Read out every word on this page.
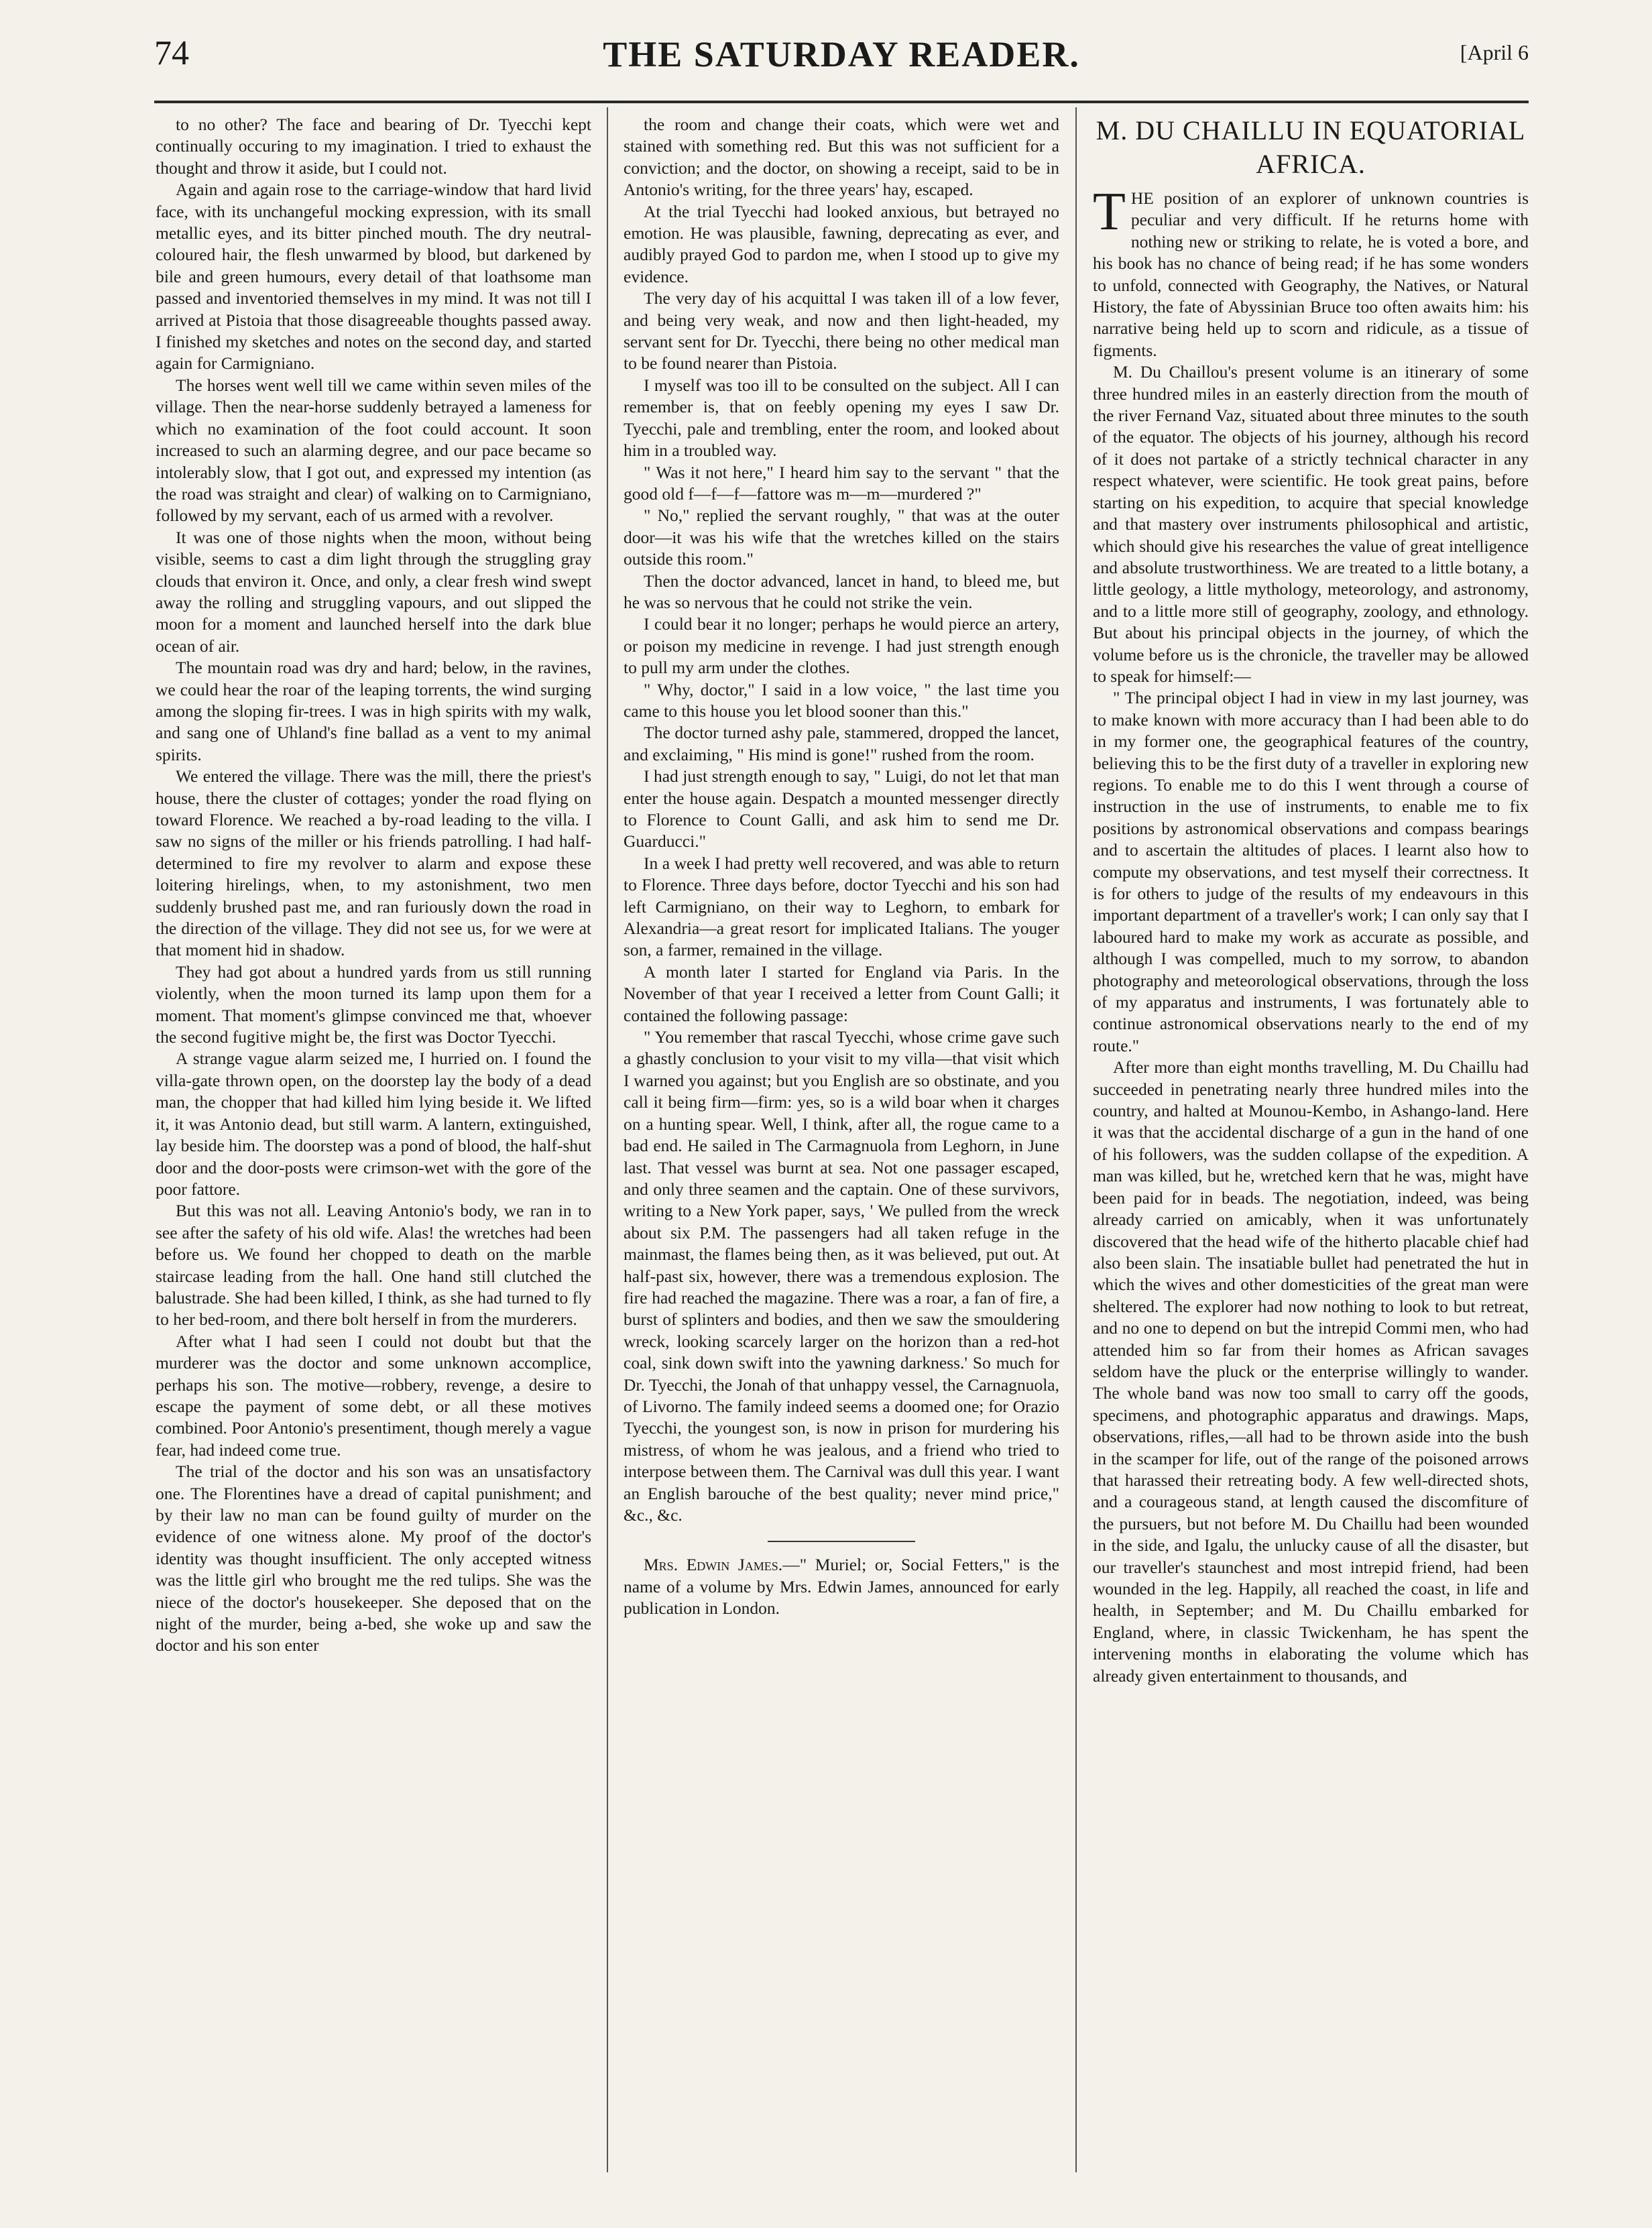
74	THE SATURDAY READER.	[April 6

to no other? The face and bearing of Dr. Tyecchi kept continually occuring to my imagination. I tried to exhaust the thought and throw it aside, but I could not.

Again and again rose to the carriage-window that hard livid face, with its unchangeful mocking expression, with its small metallic eyes, and its bitter pinched mouth. The dry neutral-coloured hair, the flesh unwarmed by blood, but darkened by bile and green humours, every detail of that loathsome man passed and inventoried themselves in my mind. It was not till I arrived at Pistoia that those disagreeable thoughts passed away. I finished my sketches and notes on the second day, and started again for Carmigniano.

The horses went well till we came within seven miles of the village. Then the near-horse suddenly betrayed a lameness for which no examination of the foot could account. It soon increased to such an alarming degree, and our pace became so intolerably slow, that I got out, and expressed my intention (as the road was straight and clear) of walking on to Carmigniano, followed by my servant, each of us armed with a revolver.

It was one of those nights when the moon, without being visible, seems to cast a dim light through the struggling gray clouds that environ it. Once, and only, a clear fresh wind swept away the rolling and struggling vapours, and out slipped the moon for a moment and launched herself into the dark blue ocean of air.

The mountain road was dry and hard; below, in the ravines, we could hear the roar of the leaping torrents, the wind surging among the sloping fir-trees. I was in high spirits with my walk, and sang one of Uhland's fine ballad as a vent to my animal spirits.

We entered the village. There was the mill, there the priest's house, there the cluster of cottages; yonder the road flying on toward Florence. We reached a by-road leading to the villa. I saw no signs of the miller or his friends patrolling. I had half-determined to fire my revolver to alarm and expose these loitering hirelings, when, to my astonishment, two men suddenly brushed past me, and ran furiously down the road in the direction of the village. They did not see us, for we were at that moment hid in shadow.

They had got about a hundred yards from us still running violently, when the moon turned its lamp upon them for a moment. That moment's glimpse convinced me that, whoever the second fugitive might be, the first was Doctor Tyecchi.

A strange vague alarm seized me, I hurried on. I found the villa-gate thrown open, on the doorstep lay the body of a dead man, the chopper that had killed him lying beside it. We lifted it, it was Antonio dead, but still warm. A lantern, extinguished, lay beside him. The doorstep was a pond of blood, the half-shut door and the door-posts were crimson-wet with the gore of the poor fattore.

But this was not all. Leaving Antonio's body, we ran in to see after the safety of his old wife. Alas! the wretches had been before us. We found her chopped to death on the marble staircase leading from the hall. One hand still clutched the balustrade. She had been killed, I think, as she had turned to fly to her bed-room, and there bolt herself in from the murderers.

After what I had seen I could not doubt but that the murderer was the doctor and some unknown accomplice, perhaps his son. The motive—robbery, revenge, a desire to escape the payment of some debt, or all these motives combined. Poor Antonio's presentiment, though merely a vague fear, had indeed come true.

The trial of the doctor and his son was an unsatisfactory one. The Florentines have a dread of capital punishment; and by their law no man can be found guilty of murder on the evidence of one witness alone. My proof of the doctor's identity was thought insufficient. The only accepted witness was the little girl who brought me the red tulips. She was the niece of the doctor's housekeeper. She deposed that on the night of the murder, being a-bed, she woke up and saw the doctor and his son enter

the room and change their coats, which were wet and stained with something red. But this was not sufficient for a conviction; and the doctor, on showing a receipt, said to be in Antonio's writing, for the three years' hay, escaped.

At the trial Tyecchi had looked anxious, but betrayed no emotion. He was plausible, fawning, deprecating as ever, and audibly prayed God to pardon me, when I stood up to give my evidence.

The very day of his acquittal I was taken ill of a low fever, and being very weak, and now and then light-headed, my servant sent for Dr. Tyecchi, there being no other medical man to be found nearer than Pistoia.

I myself was too ill to be consulted on the subject. All I can remember is, that on feebly opening my eyes I saw Dr. Tyecchi, pale and trembling, enter the room, and looked about him in a troubled way.

" Was it not here," I heard him say to the servant " that the good old f—f—f—fattore was m—m—murdered ?"

" No," replied the servant roughly, " that was at the outer door—it was his wife that the wretches killed on the stairs outside this room."

Then the doctor advanced, lancet in hand, to bleed me, but he was so nervous that he could not strike the vein.

I could bear it no longer; perhaps he would pierce an artery, or poison my medicine in revenge. I had just strength enough to pull my arm under the clothes.

" Why, doctor," I said in a low voice, " the last time you came to this house you let blood sooner than this."

The doctor turned ashy pale, stammered, dropped the lancet, and exclaiming, " His mind is gone!" rushed from the room.

I had just strength enough to say, " Luigi, do not let that man enter the house again. Despatch a mounted messenger directly to Florence to Count Galli, and ask him to send me Dr. Guarducci."

In a week I had pretty well recovered, and was able to return to Florence. Three days before, doctor Tyecchi and his son had left Carmigniano, on their way to Leghorn, to embark for Alexandria—a great resort for implicated Italians. The youger son, a farmer, remained in the village.

A month later I started for England via Paris. In the November of that year I received a letter from Count Galli; it contained the following passage:

" You remember that rascal Tyecchi, whose crime gave such a ghastly conclusion to your visit to my villa—that visit which I warned you against; but you English are so obstinate, and you call it being firm—firm: yes, so is a wild boar when it charges on a hunting spear. Well, I think, after all, the rogue came to a bad end. He sailed in The Carmagnuola from Leghorn, in June last. That vessel was burnt at sea. Not one passager escaped, and only three seamen and the captain. One of these survivors, writing to a New York paper, says, ' We pulled from the wreck about six P.M. The passengers had all taken refuge in the mainmast, the flames being then, as it was believed, put out. At half-past six, however, there was a tremendous explosion. The fire had reached the magazine. There was a roar, a fan of fire, a burst of splinters and bodies, and then we saw the smouldering wreck, looking scarcely larger on the horizon than a red-hot coal, sink down swift into the yawning darkness.' So much for Dr. Tyecchi, the Jonah of that unhappy vessel, the Carnagnuola, of Livorno. The family indeed seems a doomed one; for Orazio Tyecchi, the youngest son, is now in prison for murdering his mistress, of whom he was jealous, and a friend who tried to interpose between them. The Carnival was dull this year. I want an English barouche of the best quality; never mind price," &c., &c.

Mrs. Edwin James.—" Muriel; or, Social Fetters," is the name of a volume by Mrs. Edwin James, announced for early publication in London.

M. DU CHAILLU IN EQUATORIAL AFRICA.

THE position of an explorer of unknown countries is peculiar and very difficult. If he returns home with nothing new or striking to relate, he is voted a bore, and his book has no chance of being read; if he has some wonders to unfold, connected with Geography, the Natives, or Natural History, the fate of Abyssinian Bruce too often awaits him: his narrative being held up to scorn and ridicule, as a tissue of figments.

M. Du Chaillou's present volume is an itinerary of some three hundred miles in an easterly direction from the mouth of the river Fernand Vaz, situated about three minutes to the south of the equator. The objects of his journey, although his record of it does not partake of a strictly technical character in any respect whatever, were scientific. He took great pains, before starting on his expedition, to acquire that special knowledge and that mastery over instruments philosophical and artistic, which should give his researches the value of great intelligence and absolute trustworthiness. We are treated to a little botany, a little geology, a little mythology, meteorology, and astronomy, and to a little more still of geography, zoology, and ethnology. But about his principal objects in the journey, of which the volume before us is the chronicle, the traveller may be allowed to speak for himself:—

" The principal object I had in view in my last journey, was to make known with more accuracy than I had been able to do in my former one, the geographical features of the country, believing this to be the first duty of a traveller in exploring new regions. To enable me to do this I went through a course of instruction in the use of instruments, to enable me to fix positions by astronomical observations and compass bearings and to ascertain the altitudes of places. I learnt also how to compute my observations, and test myself their correctness. It is for others to judge of the results of my endeavours in this important department of a traveller's work; I can only say that I laboured hard to make my work as accurate as possible, and although I was compelled, much to my sorrow, to abandon photography and meteorological observations, through the loss of my apparatus and instruments, I was fortunately able to continue astronomical observations nearly to the end of my route."

After more than eight months travelling, M. Du Chaillu had succeeded in penetrating nearly three hundred miles into the country, and halted at Mounou-Kembo, in Ashango-land. Here it was that the accidental discharge of a gun in the hand of one of his followers, was the sudden collapse of the expedition. A man was killed, but he, wretched kern that he was, might have been paid for in beads. The negotiation, indeed, was being already carried on amicably, when it was unfortunately discovered that the head wife of the hitherto placable chief had also been slain. The insatiable bullet had penetrated the hut in which the wives and other domesticities of the great man were sheltered. The explorer had now nothing to look to but retreat, and no one to depend on but the intrepid Commi men, who had attended him so far from their homes as African savages seldom have the pluck or the enterprise willingly to wander. The whole band was now too small to carry off the goods, specimens, and photographic apparatus and drawings. Maps, observations, rifles,—all had to be thrown aside into the bush in the scamper for life, out of the range of the poisoned arrows that harassed their retreating body. A few well-directed shots, and a courageous stand, at length caused the discomfiture of the pursuers, but not before M. Du Chaillu had been wounded in the side, and Igalu, the unlucky cause of all the disaster, but our traveller's staunchest and most intrepid friend, had been wounded in the leg. Happily, all reached the coast, in life and health, in September; and M. Du Chaillu embarked for England, where, in classic Twickenham, he has spent the intervening months in elaborating the volume which has already given entertainment to thousands, and
